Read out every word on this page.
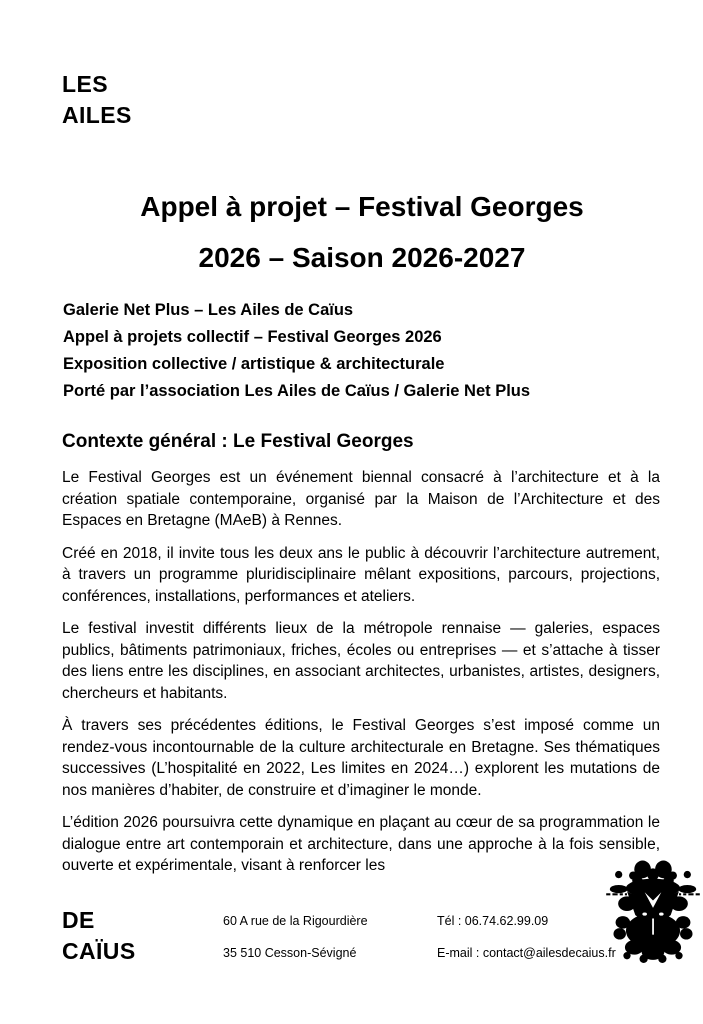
LES
AILES
Appel à projet – Festival Georges
2026 – Saison 2026-2027
Galerie Net Plus – Les Ailes de Caïus
Appel à projets collectif – Festival Georges 2026
Exposition collective / artistique & architecturale
Porté par l’association Les Ailes de Caïus / Galerie Net Plus
Contexte général : Le Festival Georges

Le Festival Georges est un événement biennal consacré à l’architecture et à la création spatiale contemporaine, organisé par la Maison de l’Architecture et des Espaces en Bretagne (MAeB) à Rennes.

Créé en 2018, il invite tous les deux ans le public à découvrir l’architecture autrement, à travers un programme pluridisciplinaire mêlant expositions, parcours, projections, conférences, installations, performances et ateliers.

Le festival investit différents lieux de la métropole rennaise — galeries, espaces publics, bâtiments patrimoniaux, friches, écoles ou entreprises — et s’attache à tisser des liens entre les disciplines, en associant architectes, urbanistes, artistes, designers, chercheurs et habitants.

À travers ses précédentes éditions, le Festival Georges s’est imposé comme un rendez-vous incontournable de la culture architecturale en Bretagne. Ses thématiques successives (L’hospitalité en 2022, Les limites en 2024…) explorent les mutations de nos manières d’habiter, de construire et d’imaginer le monde.

L’édition 2026 poursuivra cette dynamique en plaçant au cœur de sa programmation le dialogue entre art contemporain et architecture, dans une approche à la fois sensible, ouverte et expérimentale, visant à renforcer les

DE
CAÏUS
60 A rue de la Rigourdière
35 510 Cesson-Sévigné
Tél : 06.74.62.99.09
E-mail : contact@ailesdecaius.fr
